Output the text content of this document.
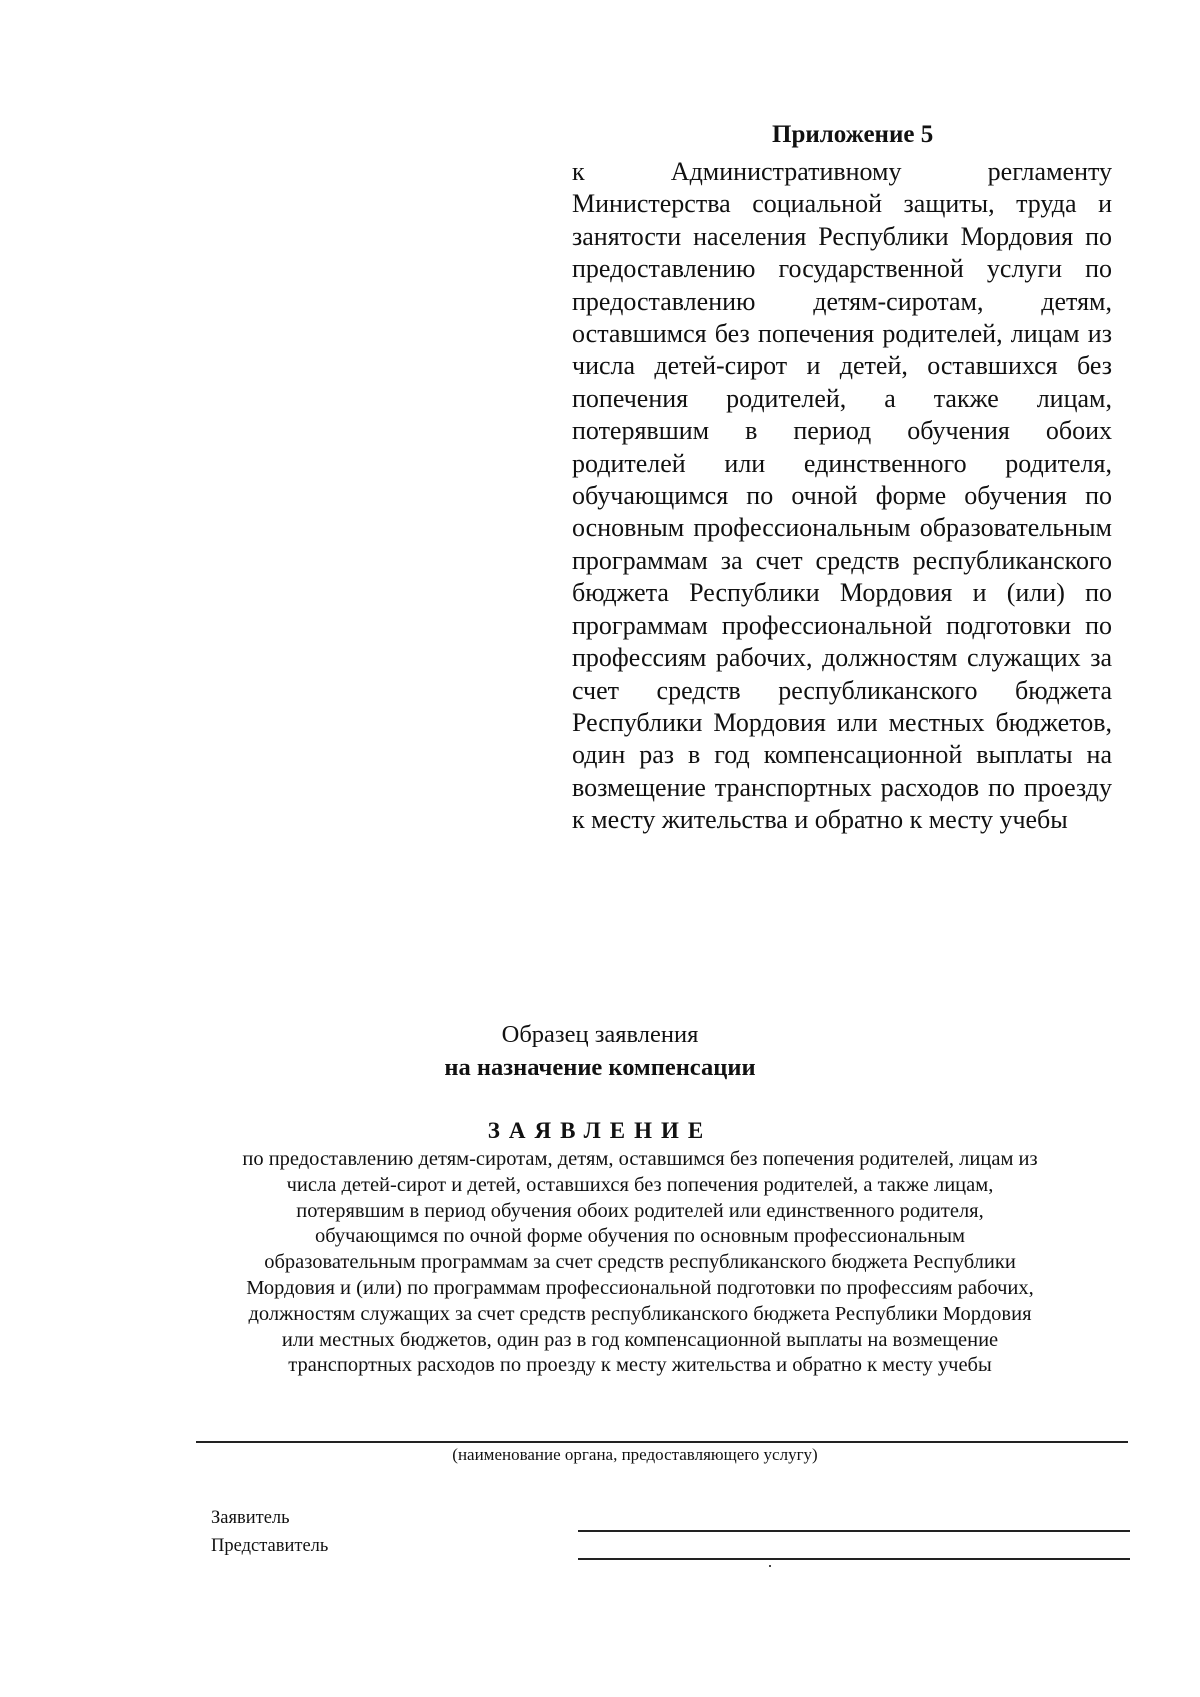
Приложение 5

к Административному регламенту Министерства социальной защиты, труда и занятости населения Республики Мордовия по предоставлению государственной услуги по предоставлению детям-сиротам, детям, оставшимся без попечения родителей, лицам из числа детей-сирот и детей, оставшихся без попечения родителей, а также лицам, потерявшим в период обучения обоих родителей или единственного родителя, обучающимся по очной форме обучения по основным профессиональным образовательным программам за счет средств республиканского бюджета Республики Мордовия и (или) по программам профессиональной подготовки по профессиям рабочих, должностям служащих за счет средств республиканского бюджета Республики Мордовия или местных бюджетов, один раз в год компенсационной выплаты на возмещение транспортных расходов по проезду к месту жительства и обратно к месту учебы

Образец заявления
на назначение компенсации
ЗАЯВЛЕНИЕ
по предоставлению детям-сиротам, детям, оставшимся без попечения родителей, лицам из
числа детей-сирот и детей, оставшихся без попечения родителей, а также лицам,
потерявшим в период обучения обоих родителей или единственного родителя,
обучающимся по очной форме обучения по основным профессиональным
образовательным программам за счет средств республиканского бюджета Республики
Мордовия и (или) по программам профессиональной подготовки по профессиям рабочих,
должностям служащих за счет средств республиканского бюджета Республики Мордовия
или местных бюджетов, один раз в год компенсационной выплаты на возмещение
транспортных расходов по проезду к месту жительства и обратно к месту учебы

(наименование органа, предоставляющего услугу)

Заявитель

Представитель
